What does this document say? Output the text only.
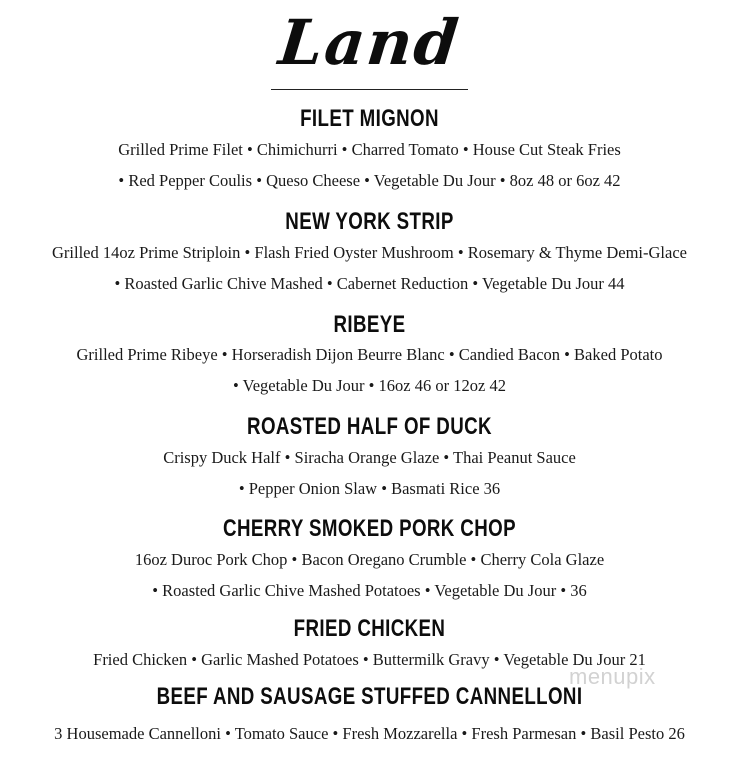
Land
FILET MIGNON
Grilled Prime Filet • Chimichurri • Charred Tomato • House Cut Steak Fries
• Red Pepper Coulis • Queso Cheese • Vegetable Du Jour • 8oz 48 or 6oz 42
NEW YORK STRIP
Grilled 14oz Prime Striploin • Flash Fried Oyster Mushroom • Rosemary & Thyme Demi-Glace
• Roasted Garlic Chive Mashed • Cabernet Reduction • Vegetable Du Jour 44
RIBEYE
Grilled Prime Ribeye • Horseradish Dijon Beurre Blanc • Candied Bacon • Baked Potato
• Vegetable Du Jour • 16oz 46 or 12oz 42
ROASTED HALF OF DUCK
Crispy Duck Half • Siracha Orange Glaze • Thai Peanut Sauce
• Pepper Onion Slaw • Basmati Rice 36
CHERRY SMOKED PORK CHOP
16oz Duroc Pork Chop • Bacon Oregano Crumble • Cherry Cola Glaze
• Roasted Garlic Chive Mashed Potatoes • Vegetable Du Jour • 36
FRIED CHICKEN
Fried Chicken • Garlic Mashed Potatoes • Buttermilk Gravy • Vegetable Du Jour 21
BEEF AND SAUSAGE STUFFED CANNELLONI
3 Housemade Cannelloni • Tomato Sauce • Fresh Mozzarella • Fresh Parmesan • Basil Pesto 26
menupix
